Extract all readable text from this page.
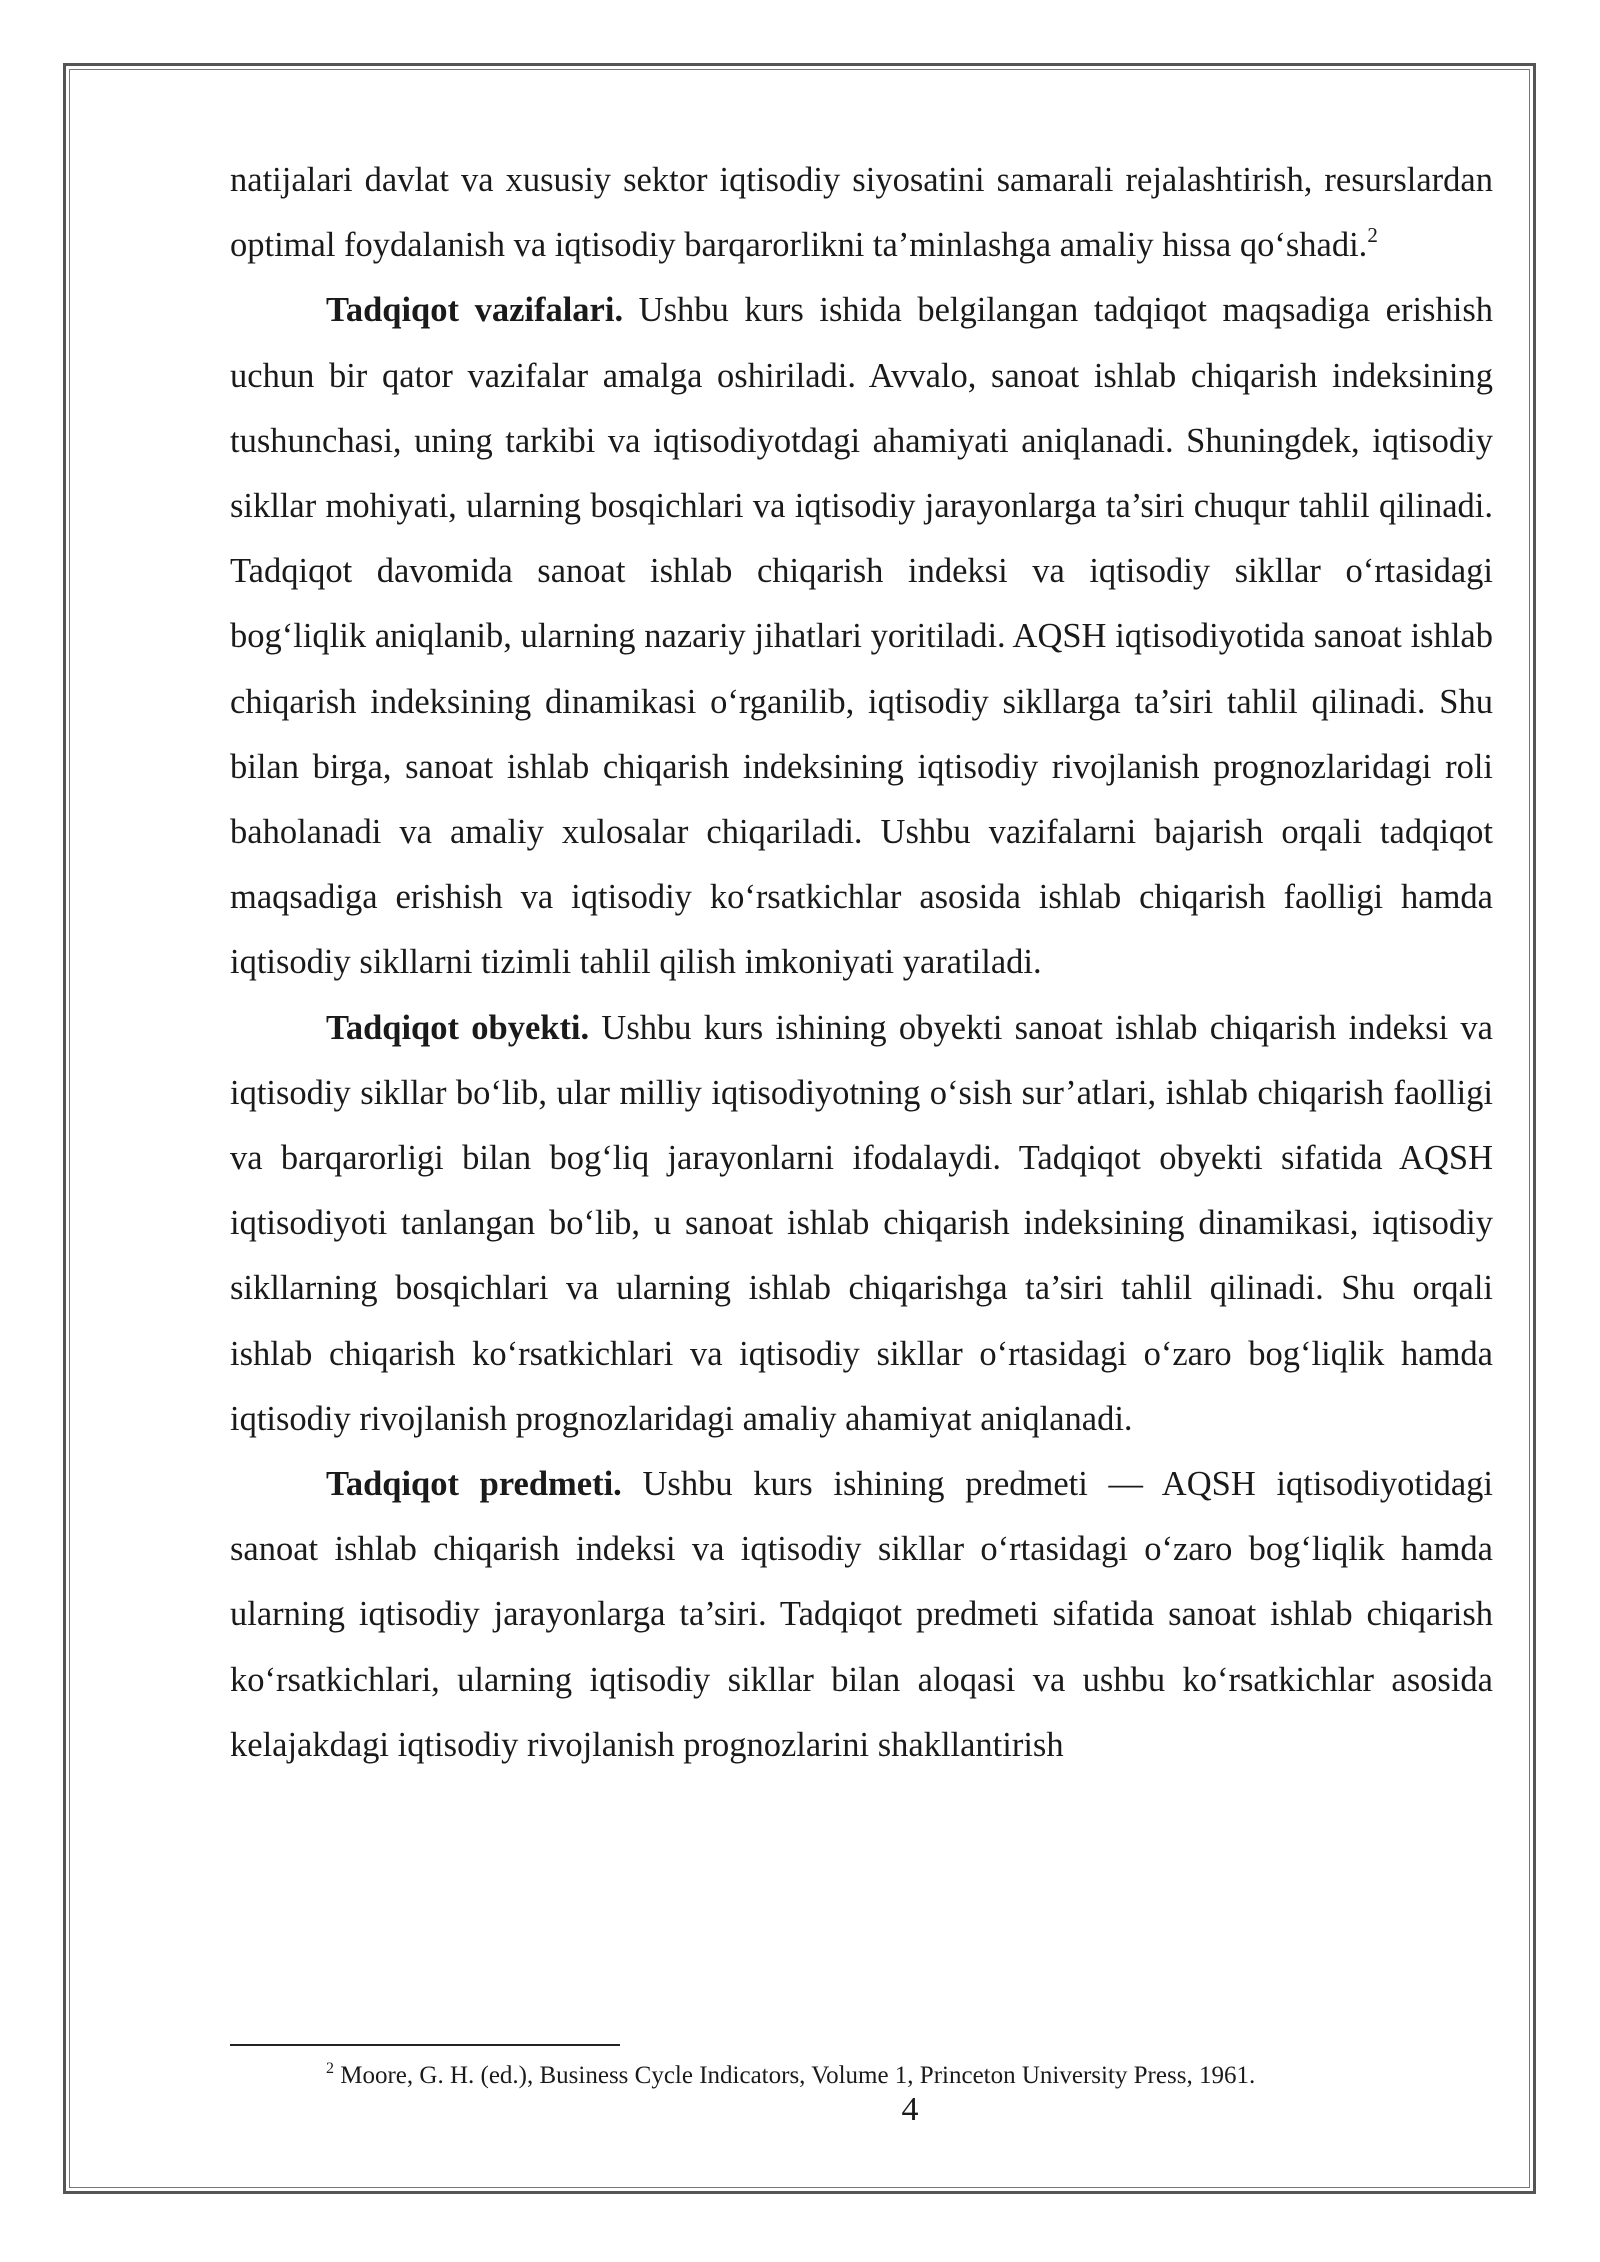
natijalari davlat va xususiy sektor iqtisodiy siyosatini samarali rejalashtirish, resurslardan optimal foydalanish va iqtisodiy barqarorlikni ta’minlashga amaliy hissa qo‘shadi.$^2$

Tadqiqot vazifalari. Ushbu kurs ishida belgilangan tadqiqot maqsadiga erishish uchun bir qator vazifalar amalga oshiriladi. Avvalo, sanoat ishlab chiqarish indeksining tushunchasi, uning tarkibi va iqtisodiyotdagi ahamiyati aniqlanadi. Shuningdek, iqtisodiy sikllar mohiyati, ularning bosqichlari va iqtisodiy jarayonlarga ta’siri chuqur tahlil qilinadi. Tadqiqot davomida sanoat ishlab chiqarish indeksi va iqtisodiy sikllar o‘rtasidagi bog‘liqlik aniqlanib, ularning nazariy jihatlari yoritiladi. AQSH iqtisodiyotida sanoat ishlab chiqarish indeksining dinamikasi o‘rganilib, iqtisodiy sikllarga ta’siri tahlil qilinadi. Shu bilan birga, sanoat ishlab chiqarish indeksining iqtisodiy rivojlanish prognozlaridagi roli baholanadi va amaliy xulosalar chiqariladi. Ushbu vazifalarni bajarish orqali tadqiqot maqsadiga erishish va iqtisodiy ko‘rsatkichlar asosida ishlab chiqarish faolligi hamda iqtisodiy sikllarni tizimli tahlil qilish imkoniyati yaratiladi.

Tadqiqot obyekti. Ushbu kurs ishining obyekti sanoat ishlab chiqarish indeksi va iqtisodiy sikllar bo‘lib, ular milliy iqtisodiyotning o‘sish sur’atlari, ishlab chiqarish faolligi va barqarorligi bilan bog‘liq jarayonlarni ifodalaydi. Tadqiqot obyekti sifatida AQSH iqtisodiyoti tanlangan bo‘lib, u sanoat ishlab chiqarish indeksining dinamikasi, iqtisodiy sikllarning bosqichlari va ularning ishlab chiqarishga ta’siri tahlil qilinadi. Shu orqali ishlab chiqarish ko‘rsatkichlari va iqtisodiy sikllar o‘rtasidagi o‘zaro bog‘liqlik hamda iqtisodiy rivojlanish prognozlaridagi amaliy ahamiyat aniqlanadi.

Tadqiqot predmeti. Ushbu kurs ishining predmeti — AQSH iqtisodiyotidagi sanoat ishlab chiqarish indeksi va iqtisodiy sikllar o‘rtasidagi o‘zaro bog‘liqlik hamda ularning iqtisodiy jarayonlarga ta’siri. Tadqiqot predmeti sifatida sanoat ishlab chiqarish ko‘rsatkichlari, ularning iqtisodiy sikllar bilan aloqasi va ushbu ko‘rsatkichlar asosida kelajakdagi iqtisodiy rivojlanish prognozlarini shakllantirish

$^2$ Moore, G. H. (ed.), Business Cycle Indicators, Volume 1, Princeton University Press, 1961.
4
